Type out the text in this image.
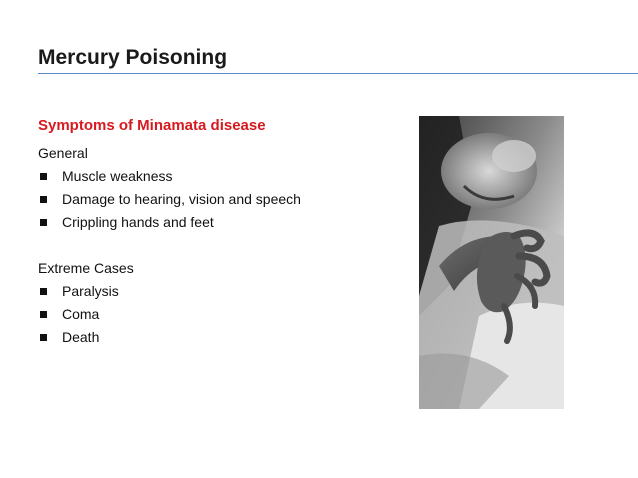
Mercury Poisoning
Symptoms of Minamata disease
General
Muscle weakness
Damage to hearing, vision and speech
Crippling hands and feet
Extreme Cases
Paralysis
Coma
Death
